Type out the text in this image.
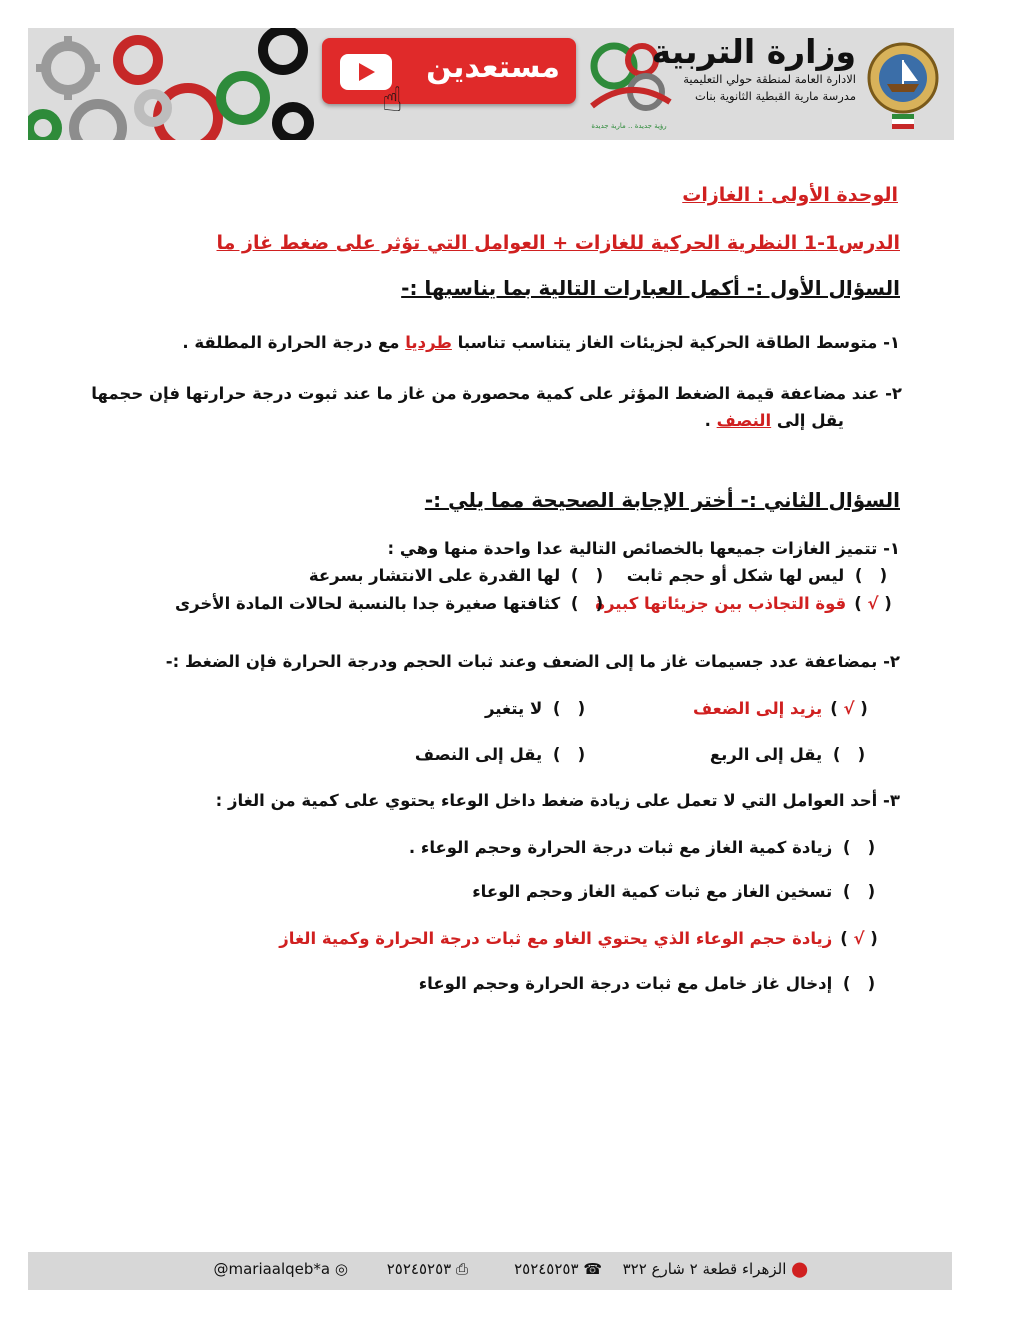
مستعدين
☝
رؤية جديدة .. مارية جديدة
وزارة التربية
الادارة العامة لمنطقة حولي التعليمية
مدرسة مارية القبطية الثانوية بنات
الوحدة الأولى : الغازات
الدرس1-1 النظرية الحركية للغازات + العوامل التي تؤثر على ضغط غاز ما
السؤال الأول :- أكمل العبارات التالية بما يناسبها :-
١- متوسط الطاقة الحركية لجزيئات الغاز يتناسب تناسبا طرديا مع درجة الحرارة المطلقة .
٢- عند مضاعفة قيمة الضغط المؤثر على كمية محصورة من غاز ما عند ثبوت درجة حرارتها فإن حجمها
يقل إلى النصف .
السؤال الثاني :- أختر الإجابة الصحيحة مما يلي :-
١- تتميز الغازات جميعها بالخصائص التالية عدا واحدة منها وهي :
(   ) ليس لها شكل أو حجم ثابت
(   ) لها القدرة على الانتشار بسرعة
( √ ) قوة التجاذب بين جزيئاتها كبيرة
(   ) كثافتها صغيرة جدا بالنسبة لحالات المادة الأخرى
٢- بمضاعفة عدد جسيمات غاز ما إلى الضعف وعند ثبات الحجم ودرجة الحرارة فإن الضغط :-
( √ ) يزيد إلى الضعف
(   ) لا يتغير
(   ) يقل إلى الربع
(   ) يقل إلى النصف
٣- أحد العوامل التي لا تعمل على زيادة ضغط داخل الوعاء يحتوي على كمية من الغاز :
(   ) زيادة كمية الغاز مع ثبات درجة الحرارة وحجم الوعاء .
(   ) تسخين الغاز مع ثبات كمية الغاز وحجم الوعاء
( √ ) زيادة حجم الوعاء الذي يحتوي الغاو مع ثبات درجة الحرارة وكمية الغاز
(   ) إدخال غاز خامل مع ثبات درجة الحرارة وحجم الوعاء
⬤ الزهراء قطعة ٢ شارع ٣٢٢
☎ ٢٥٢٤٥٢٥٣
⎙ ٢٥٢٤٥٢٥٣
@mariaalqeb*a ◎
